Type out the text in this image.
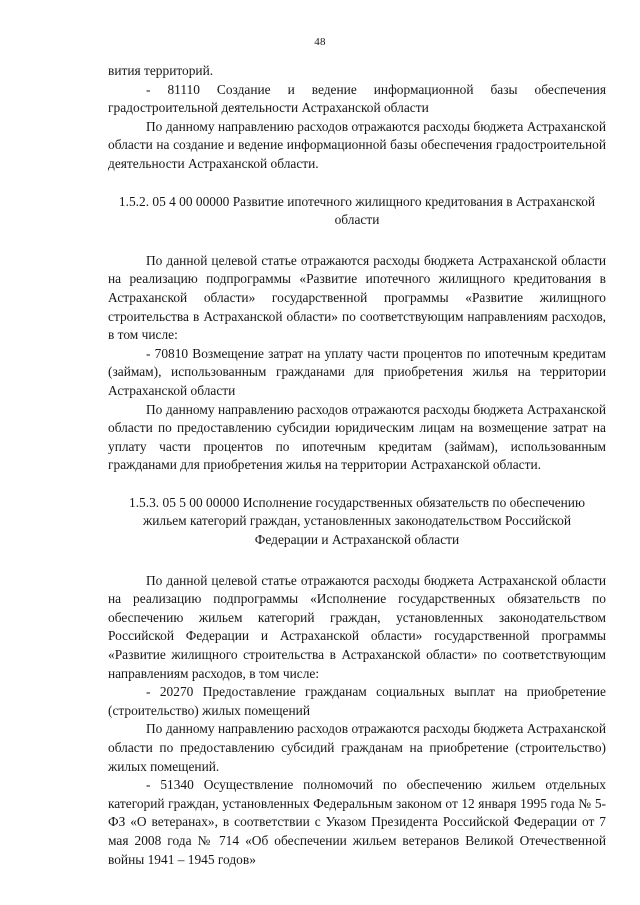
48

вития территорий.

- 81110 Создание и ведение информационной базы обеспечения градостроительной деятельности Астраханской области

По данному направлению расходов отражаются расходы бюджета Астраханской области на создание и ведение информационной базы обеспечения градостроительной деятельности Астраханской области.

1.5.2. 05 4 00 00000 Развитие ипотечного жилищного кредитования в Астраханской области

По данной целевой статье отражаются расходы бюджета Астраханской области на реализацию подпрограммы «Развитие ипотечного жилищного кредитования в Астраханской области» государственной программы «Развитие жилищного строительства в Астраханской области» по соответствующим направлениям расходов, в том числе:

- 70810 Возмещение затрат на уплату части процентов по ипотечным кредитам (займам), использованным гражданами для приобретения жилья на территории Астраханской области

По данному направлению расходов отражаются расходы бюджета Астраханской области по предоставлению субсидии юридическим лицам на возмещение затрат на уплату части процентов по ипотечным кредитам (займам), использованным гражданами для приобретения жилья на территории Астраханской области.

1.5.3. 05 5 00 00000 Исполнение государственных обязательств по обеспечению жильем категорий граждан, установленных законодательством Российской Федерации и Астраханской области

По данной целевой статье отражаются расходы бюджета Астраханской области на реализацию подпрограммы «Исполнение государственных обязательств по обеспечению жильем категорий граждан, установленных законодательством Российской Федерации и Астраханской области» государственной программы «Развитие жилищного строительства в Астраханской области» по соответствующим направлениям расходов, в том числе:

- 20270 Предоставление гражданам социальных выплат на приобретение (строительство) жилых помещений

По данному направлению расходов отражаются расходы бюджета Астраханской области по предоставлению субсидий гражданам на приобретение (строительство) жилых помещений.

- 51340 Осуществление полномочий по обеспечению жильем отдельных категорий граждан, установленных Федеральным законом от 12 января 1995 года № 5-ФЗ «О ветеранах», в соответствии с Указом Президента Российской Федерации от 7 мая 2008 года № 714 «Об обеспечении жильем ветеранов Великой Отечественной войны 1941 – 1945 годов»
